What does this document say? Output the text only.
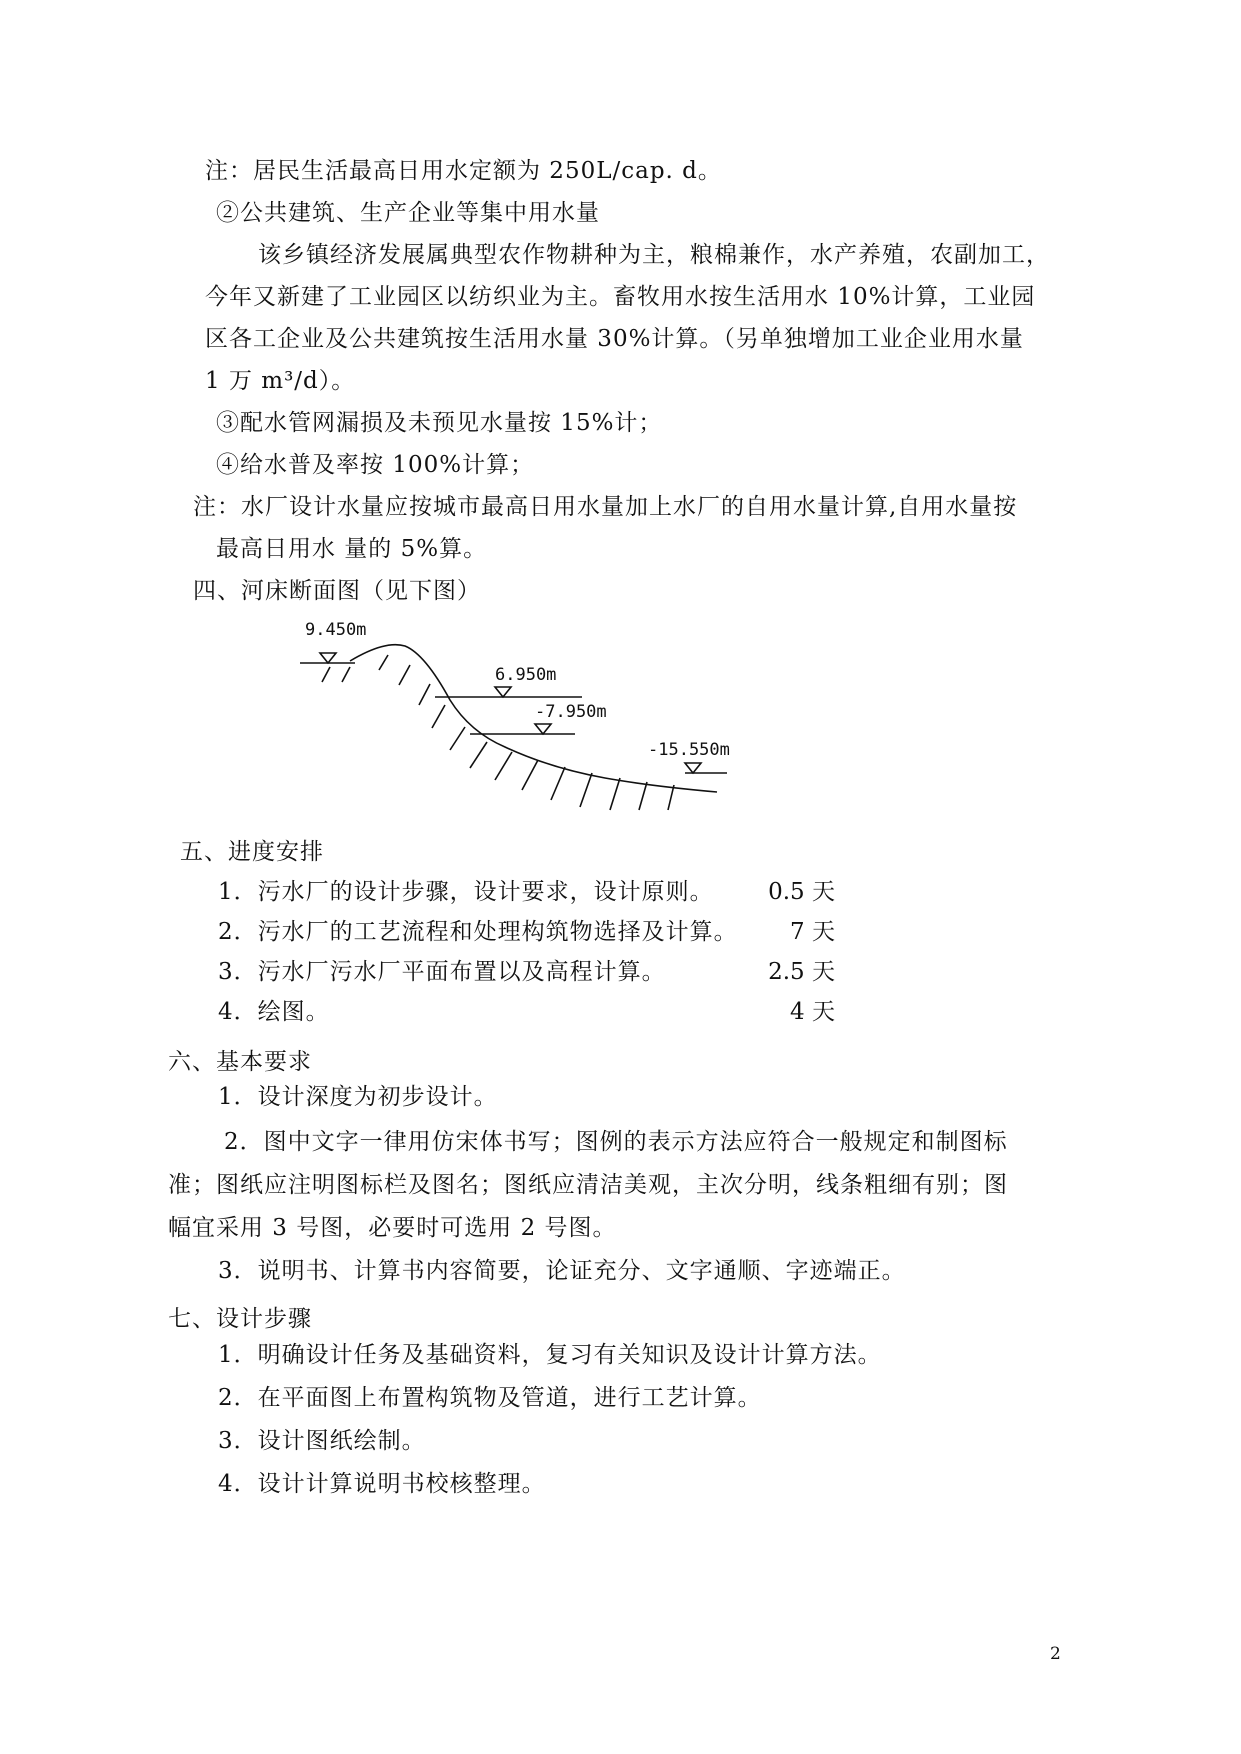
注：居民生活最高日用水定额为 250L/cap. d。
②公共建筑、生产企业等集中用水量
该乡镇经济发展属典型农作物耕种为主，粮棉兼作，水产养殖，农副加工，
今年又新建了工业园区以纺织业为主。畜牧用水按生活用水 10%计算，工业园
区各工企业及公共建筑按生活用水量 30%计算。（另单独增加工业企业用水量
1 万 m³/d）。
③配水管网漏损及未预见水量按 15%计；
④给水普及率按 100%计算；
注：水厂设计水量应按城市最高日用水量加上水厂的自用水量计算,自用水量按
最高日用水 量的 5%算。
四、河床断面图（见下图）
9.450m
6.950m
-7.950m
-15.550m
五、进度安排
1．污水厂的设计步骤，设计要求，设计原则。	0.5 天
2．污水厂的工艺流程和处理构筑物选择及计算。	7 天
3．污水厂污水厂平面布置以及高程计算。	2.5 天
4．绘图。	4 天
六、基本要求
1．设计深度为初步设计。
2．图中文字一律用仿宋体书写；图例的表示方法应符合一般规定和制图标
准；图纸应注明图标栏及图名；图纸应清洁美观，主次分明，线条粗细有别；图
幅宜采用 3 号图，必要时可选用 2 号图。
3．说明书、计算书内容简要，论证充分、文字通顺、字迹端正。
七、设计步骤
1．明确设计任务及基础资料，复习有关知识及设计计算方法。
2．在平面图上布置构筑物及管道，进行工艺计算。
3．设计图纸绘制。
4．设计计算说明书校核整理。
2
